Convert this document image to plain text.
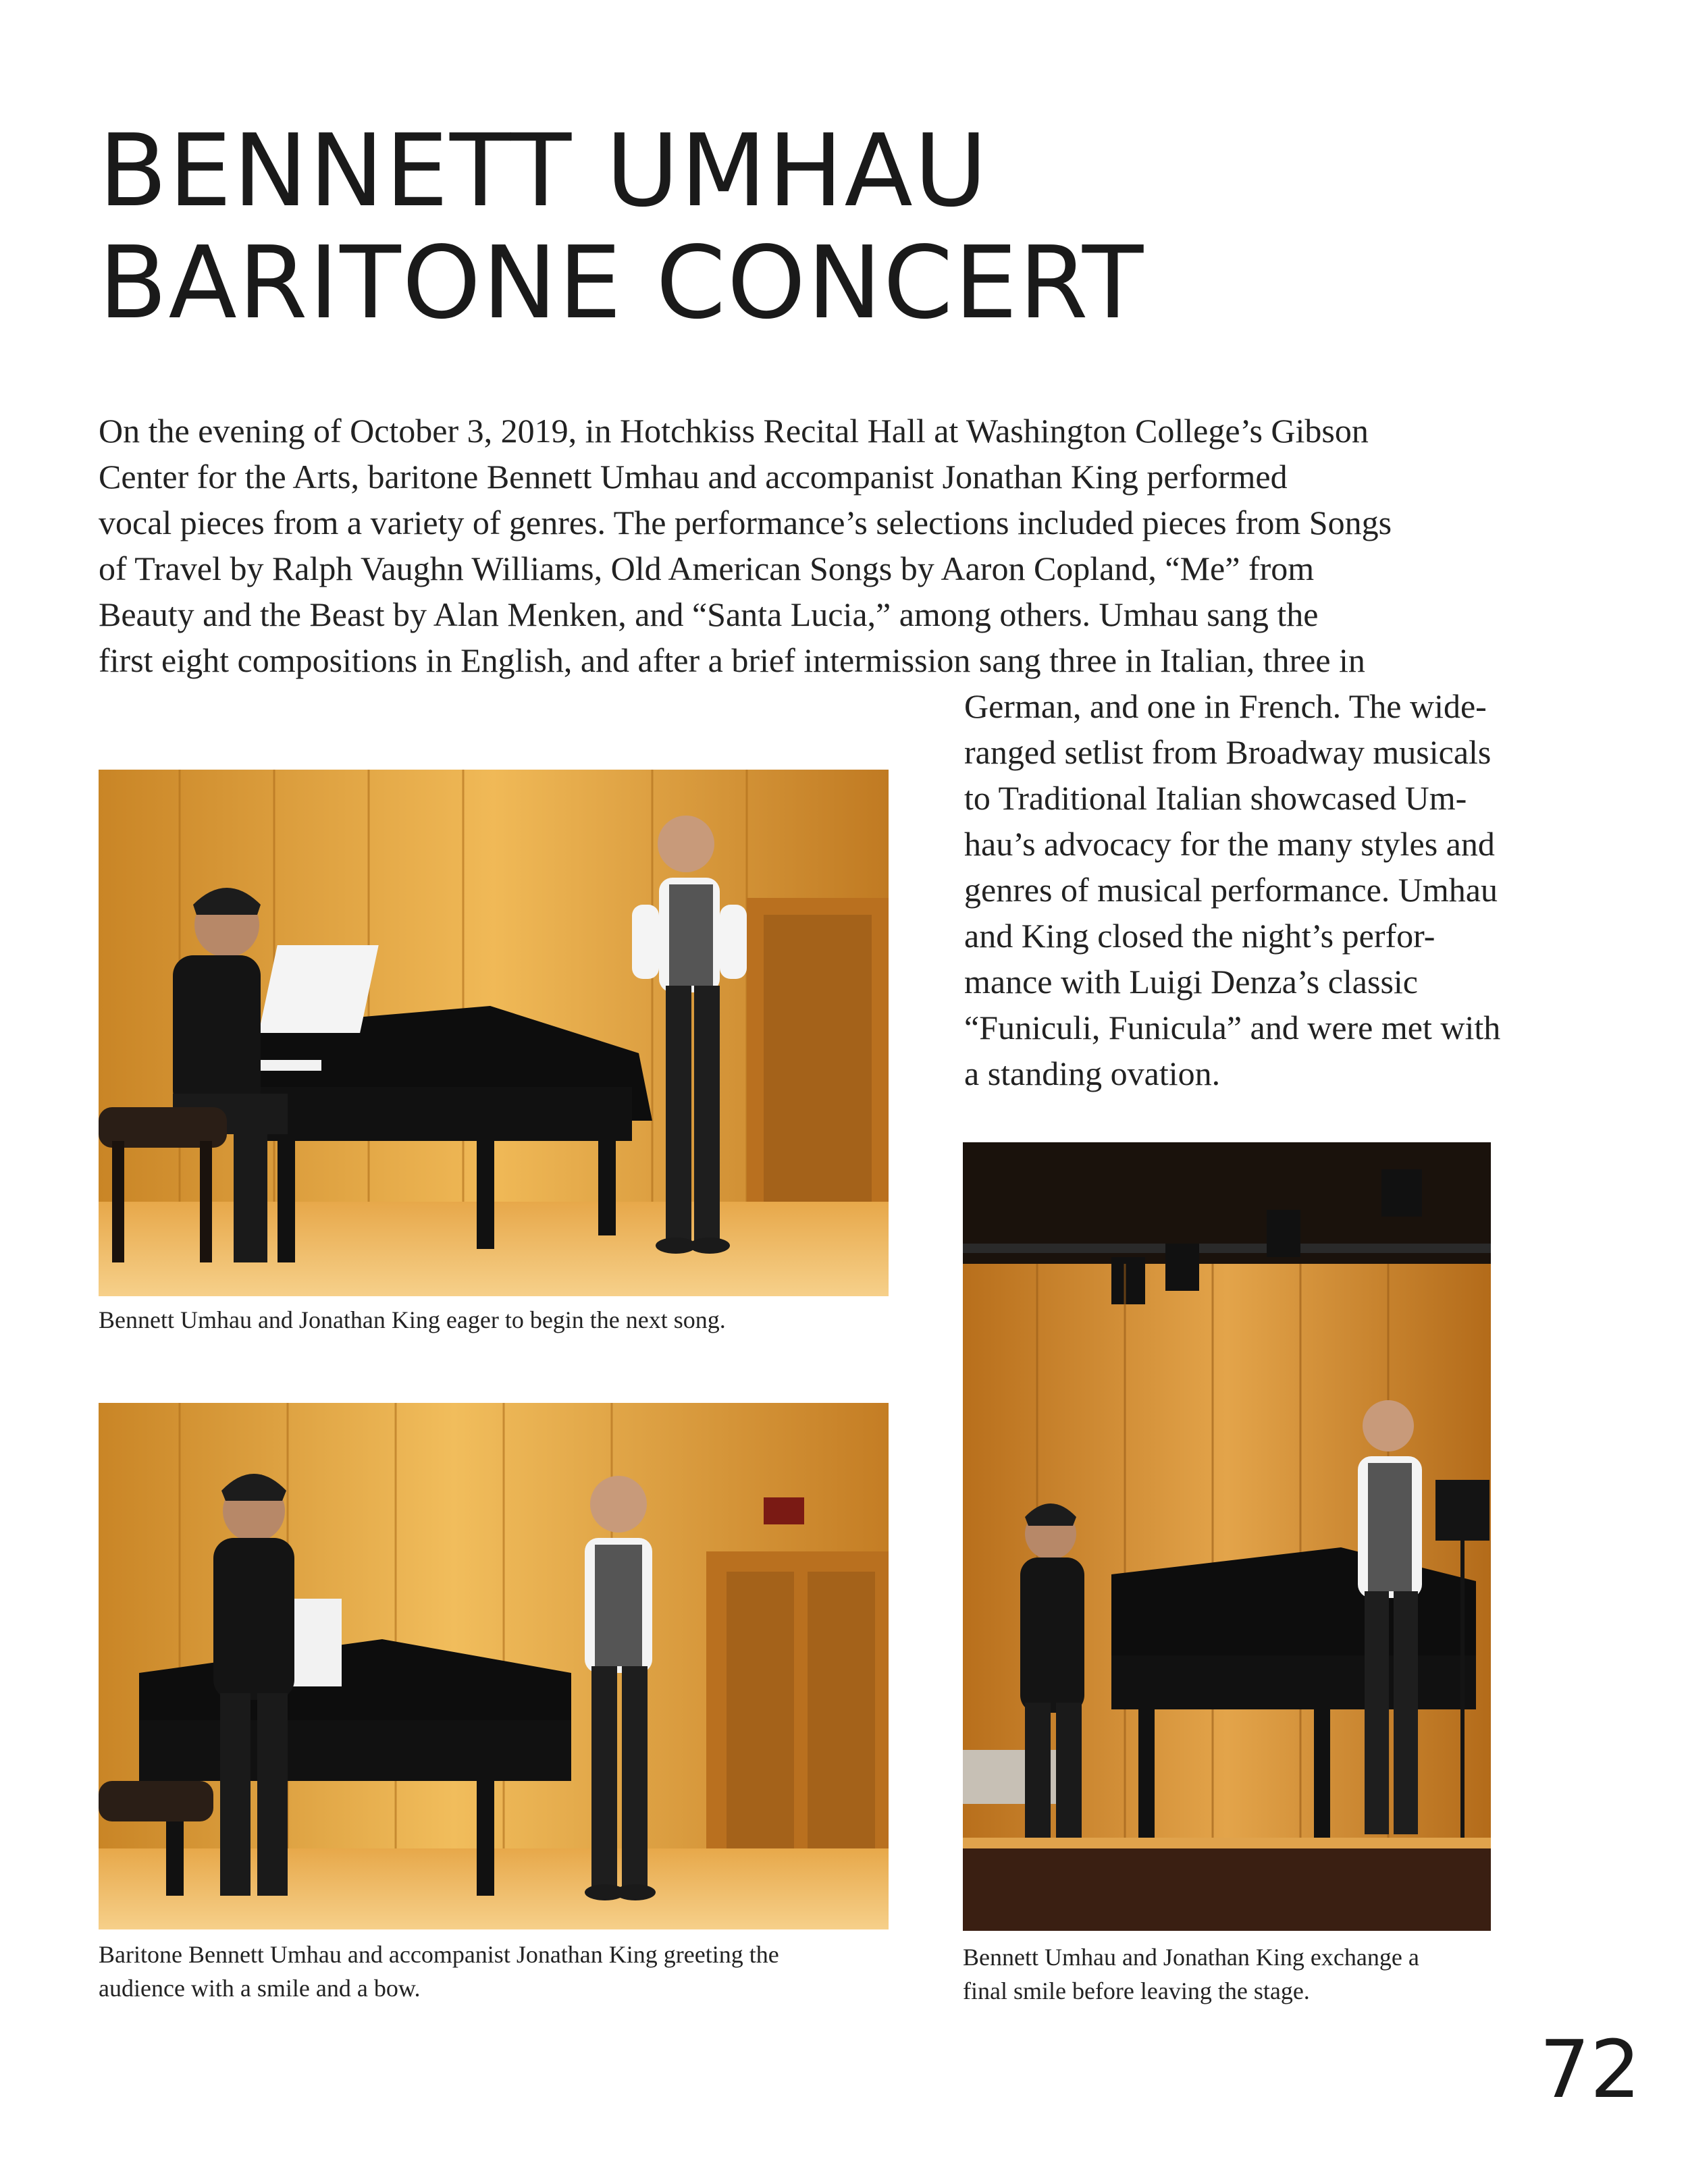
BENNETT UMHAU
BARITONE CONCERT
On the evening of October 3, 2019, in Hotchkiss Recital Hall at Washington College’s Gibson
Center for the Arts, baritone Bennett Umhau and accompanist Jonathan King performed
vocal pieces from a variety of genres. The performance’s selections included pieces from Songs
of Travel by Ralph Vaughn Williams, Old American Songs by Aaron Copland, “Me” from
Beauty and the Beast by Alan Menken, and “Santa Lucia,” among others. Umhau sang the
first eight compositions in English, and after a brief intermission sang three in Italian, three in
German, and one in French. The wide-
ranged setlist from Broadway musicals
to Traditional Italian showcased Um-
hau’s advocacy for the many styles and
genres of musical performance. Umhau
and King closed the night’s perfor-
mance with Luigi Denza’s classic
“Funiculi, Funicula” and were met with
a standing ovation.
Bennett Umhau and Jonathan King eager to begin the next song.
Baritone Bennett Umhau and accompanist Jonathan King greeting the
audience with a smile and a bow.
Bennett Umhau and Jonathan King exchange a
final smile before leaving the stage.
72
